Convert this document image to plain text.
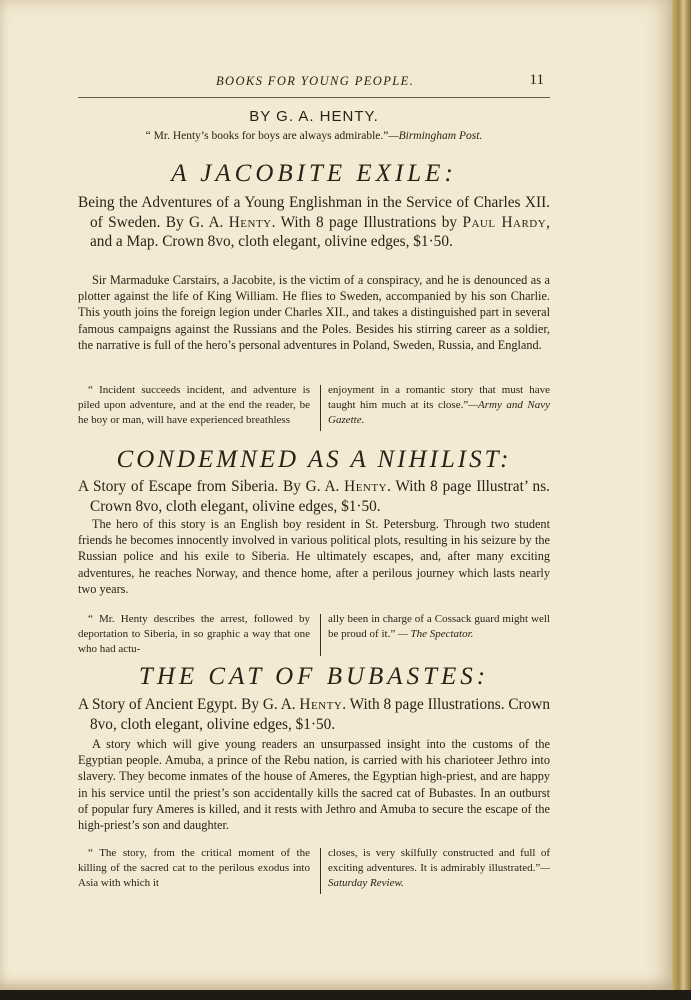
BOOKS FOR YOUNG PEOPLE.	11
BY G. A. HENTY.
“ Mr. Henty’s books for boys are always admirable.”—Birmingham Post.
A JACOBITE EXILE:
Being the Adventures of a Young Englishman in the Service of Charles XII. of Sweden. By G. A. Henty. With 8 page Illustrations by Paul Hardy, and a Map. Crown 8vo, cloth elegant, olivine edges, $1·50.
Sir Marmaduke Carstairs, a Jacobite, is the victim of a conspiracy, and he is denounced as a plotter against the life of King William. He flies to Sweden, accompanied by his son Charlie. This youth joins the foreign legion under Charles XII., and takes a distinguished part in several famous campaigns against the Russians and the Poles. Besides his stirring career as a soldier, the narrative is full of the hero’s personal adventures in Poland, Sweden, Russia, and England.
“ Incident succeeds incident, and adventure is piled upon adventure, and at the end the reader, be he boy or man, will have experienced breathless
enjoyment in a romantic story that must have taught him much at its close.”—Army and Navy Gazette.
CONDEMNED AS A NIHILIST:
A Story of Escape from Siberia. By G. A. Henty. With 8 page Illustrat’ ns. Crown 8vo, cloth elegant, olivine edges, $1·50.
The hero of this story is an English boy resident in St. Petersburg. Through two student friends he becomes innocently involved in various political plots, resulting in his seizure by the Russian police and his exile to Siberia. He ultimately escapes, and, after many exciting adventures, he reaches Norway, and thence home, after a perilous journey which lasts nearly two years.
“ Mr. Henty describes the arrest, followed by deportation to Siberia, in so graphic a way that one who had actu-
ally been in charge of a Cossack guard might well be proud of it.” — The Spectator.
THE CAT OF BUBASTES:
A Story of Ancient Egypt. By G. A. Henty. With 8 page Illustrations. Crown 8vo, cloth elegant, olivine edges, $1·50.
A story which will give young readers an unsurpassed insight into the customs of the Egyptian people. Amuba, a prince of the Rebu nation, is carried with his charioteer Jethro into slavery. They become inmates of the house of Ameres, the Egyptian high-priest, and are happy in his service until the priest’s son accidentally kills the sacred cat of Bubastes. In an outburst of popular fury Ameres is killed, and it rests with Jethro and Amuba to secure the escape of the high-priest’s son and daughter.
“ The story, from the critical moment of the killing of the sacred cat to the perilous exodus into Asia with which it
closes, is very skilfully constructed and full of exciting adventures. It is admirably illustrated.”—Saturday Review.
